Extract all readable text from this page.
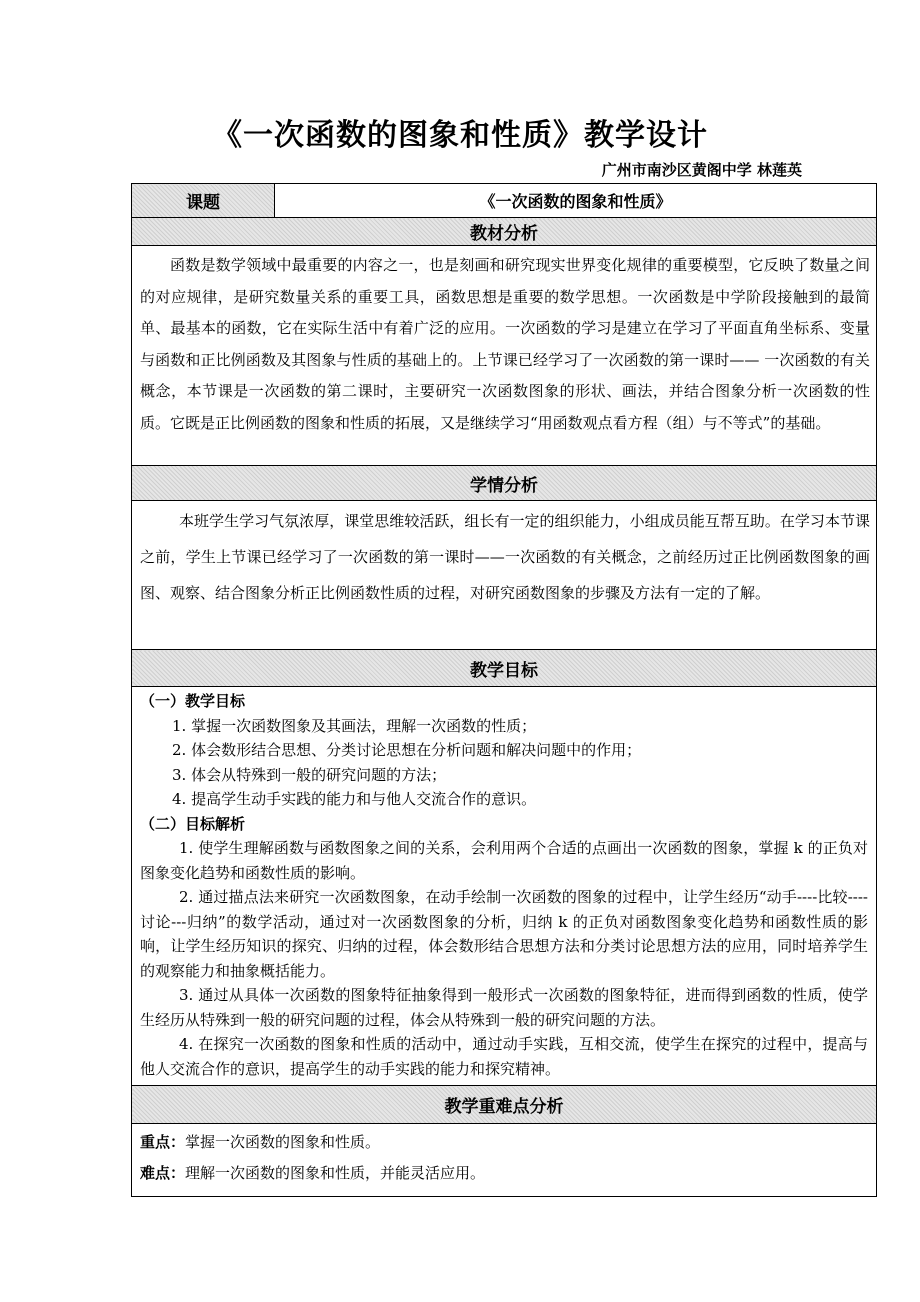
《一次函数的图象和性质》教学设计
广州市南沙区黄阁中学 林莲英
课题	《一次函数的图象和性质》
教材分析
函数是数学领域中最重要的内容之一，也是刻画和研究现实世界变化规律的重要模型，它反映了数量之间的对应规律，是研究数量关系的重要工具，函数思想是重要的数学思想。一次函数是中学阶段接触到的最简单、最基本的函数，它在实际生活中有着广泛的应用。一次函数的学习是建立在学习了平面直角坐标系、变量与函数和正比例函数及其图象与性质的基础上的。上节课已经学习了一次函数的第一课时—— 一次函数的有关概念，本节课是一次函数的第二课时，主要研究一次函数图象的形状、画法，并结合图象分析一次函数的性质。它既是正比例函数的图象和性质的拓展，又是继续学习“用函数观点看方程（组）与不等式”的基础。
学情分析
本班学生学习气氛浓厚，课堂思维较活跃，组长有一定的组织能力，小组成员能互帮互助。在学习本节课之前，学生上节课已经学习了一次函数的第一课时——一次函数的有关概念，之前经历过正比例函数图象的画图、观察、结合图象分析正比例函数性质的过程，对研究函数图象的步骤及方法有一定的了解。
教学目标

（一）教学目标
1. 掌握一次函数图象及其画法，理解一次函数的性质；
2. 体会数形结合思想、分类讨论思想在分析问题和解决问题中的作用；
3. 体会从特殊到一般的研究问题的方法；
4. 提高学生动手实践的能力和与他人交流合作的意识。
（二）目标解析
1. 使学生理解函数与函数图象之间的关系，会利用两个合适的点画出一次函数的图象，掌握 k 的正负对图象变化趋势和函数性质的影响。
2. 通过描点法来研究一次函数图象，在动手绘制一次函数的图象的过程中，让学生经历“动手----比较----讨论---归纳”的数学活动，通过对一次函数图象的分析，归纳 k 的正负对函数图象变化趋势和函数性质的影响，让学生经历知识的探究、归纳的过程，体会数形结合思想方法和分类讨论思想方法的应用，同时培养学生的观察能力和抽象概括能力。
3. 通过从具体一次函数的图象特征抽象得到一般形式一次函数的图象特征，进而得到函数的性质，使学生经历从特殊到一般的研究问题的过程，体会从特殊到一般的研究问题的方法。
4. 在探究一次函数的图象和性质的活动中，通过动手实践，互相交流，使学生在探究的过程中，提高与他人交流合作的意识，提高学生的动手实践的能力和探究精神。

教学重难点分析

重点：掌握一次函数的图象和性质。
难点：理解一次函数的图象和性质，并能灵活应用。
